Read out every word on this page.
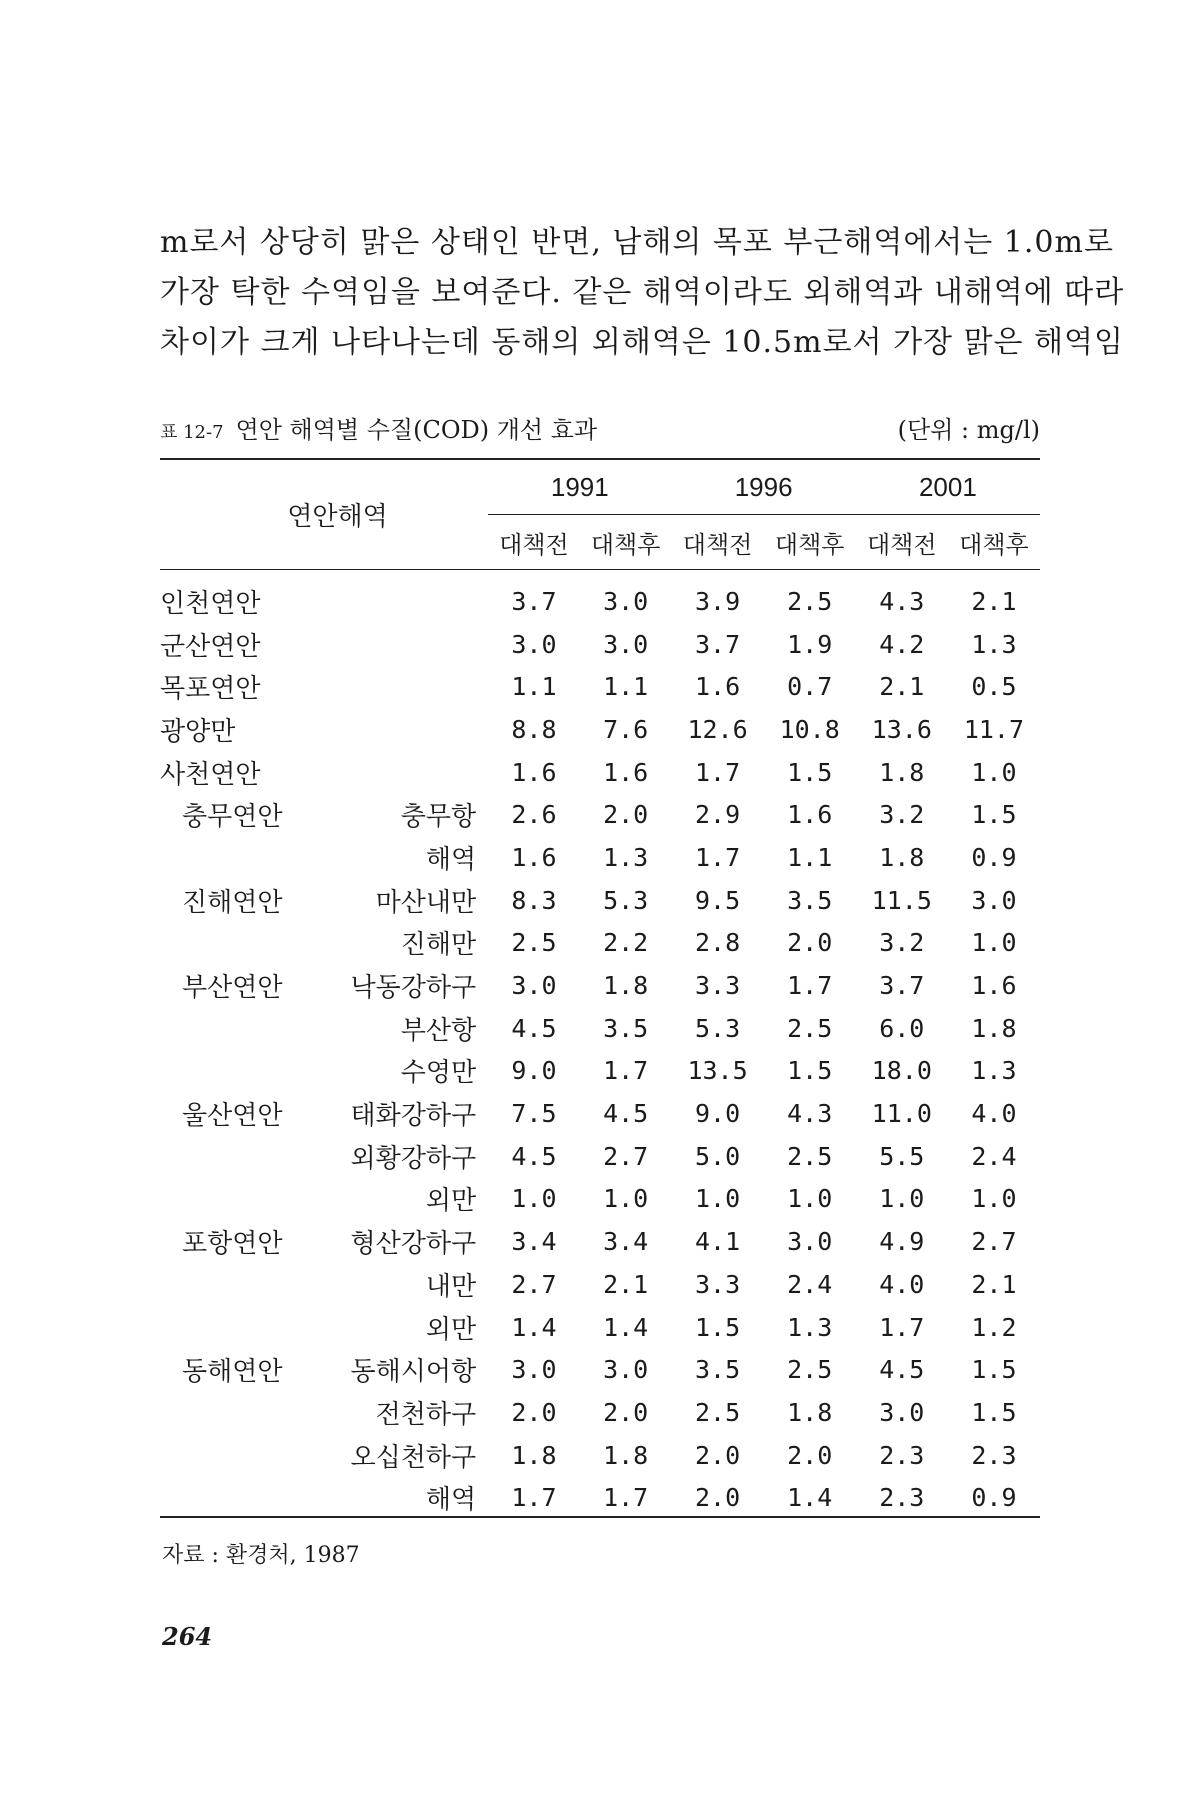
m로서 상당히 맑은 상태인 반면, 남해의 목포 부근해역에서는 1.0m로
가장 탁한 수역임을 보여준다. 같은 해역이라도 외해역과 내해역에 따라
차이가 크게 나타나는데 동해의 외해역은 10.5m로서 가장 맑은 해역임
표 12-7 연안 해역별 수질(COD) 개선 효과	(단위 : mg/l)
연안해역		1991		1996		2001	
		대책전	대책후	대책전	대책후	대책전	대책후
인천연안		3.7	3.0	3.9	2.5	4.3	2.1
군산연안		3.0	3.0	3.7	1.9	4.2	1.3
목포연안		1.1	1.1	1.6	0.7	2.1	0.5
광양만		8.8	7.6	12.6	10.8	13.6	11.7
사천연안		1.6	1.6	1.7	1.5	1.8	1.0
충무연안	충무항	2.6	2.0	2.9	1.6	3.2	1.5
	해역	1.6	1.3	1.7	1.1	1.8	0.9
진해연안	마산내만	8.3	5.3	9.5	3.5	11.5	3.0
	진해만	2.5	2.2	2.8	2.0	3.2	1.0
부산연안	낙동강하구	3.0	1.8	3.3	1.7	3.7	1.6
	부산항	4.5	3.5	5.3	2.5	6.0	1.8
	수영만	9.0	1.7	13.5	1.5	18.0	1.3
울산연안	태화강하구	7.5	4.5	9.0	4.3	11.0	4.0
	외황강하구	4.5	2.7	5.0	2.5	5.5	2.4
	외만	1.0	1.0	1.0	1.0	1.0	1.0
포항연안	형산강하구	3.4	3.4	4.1	3.0	4.9	2.7
	내만	2.7	2.1	3.3	2.4	4.0	2.1
	외만	1.4	1.4	1.5	1.3	1.7	1.2
동해연안	동해시어항	3.0	3.0	3.5	2.5	4.5	1.5
	전천하구	2.0	2.0	2.5	1.8	3.0	1.5
	오십천하구	1.8	1.8	2.0	2.0	2.3	2.3
	해역	1.7	1.7	2.0	1.4	2.3	0.9
자료 : 환경처, 1987
264
